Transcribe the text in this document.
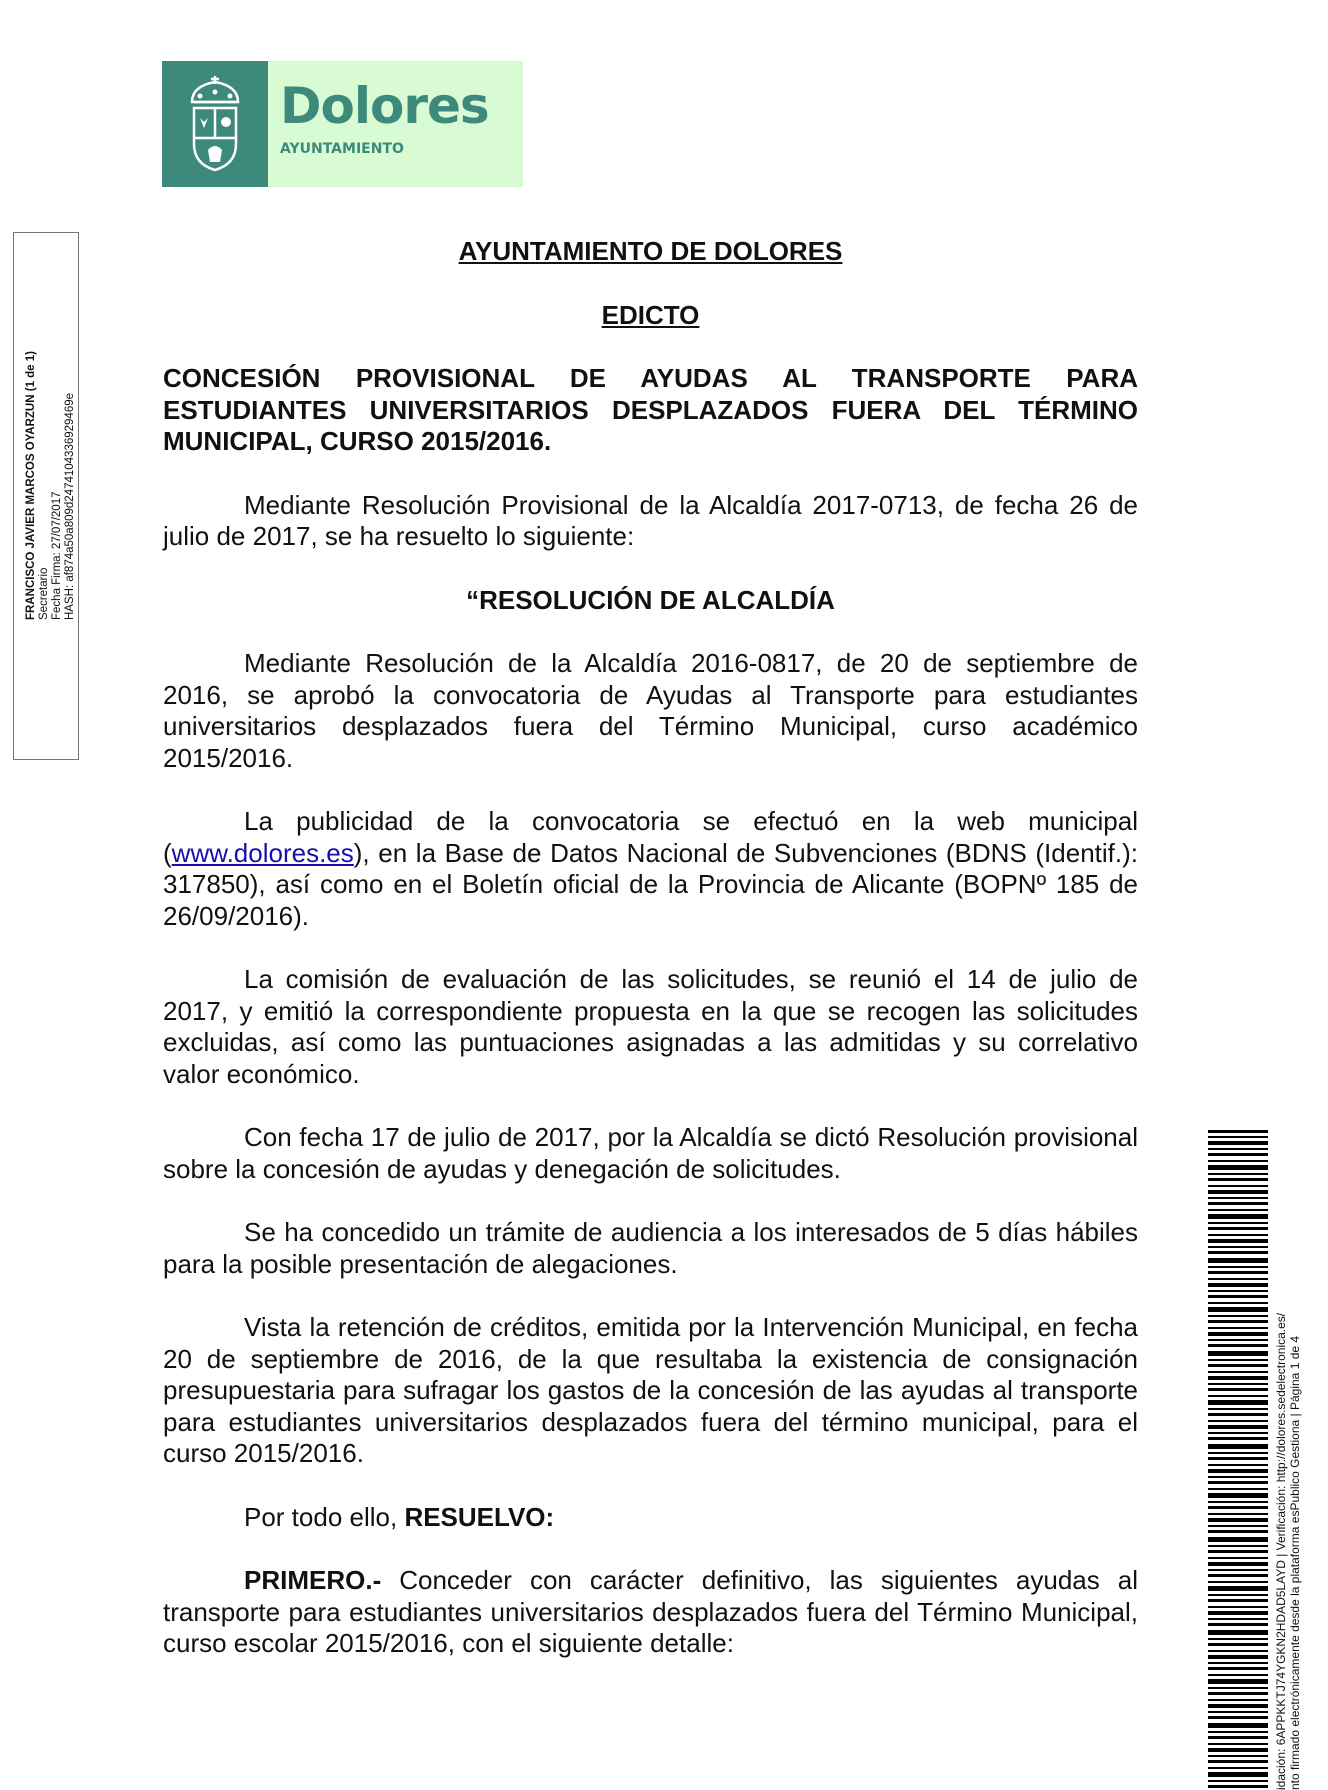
Dolores
AYUNTAMIENTO
FRANCISCO JAVIER MARCOS OYARZUN (1 de 1) Secretario Fecha Firma: 27/07/2017 HASH: af874a50a809d247410433692946​9e
idación: 6APPKKTJ74YGKN2HDAD5LAYD | Verificación: http://dolores.sedelectronica.es/ nto firmado electrónicamente desde la plataforma esPublico Gestiona | Página 1 de 4
AYUNTAMIENTO DE DOLORES
EDICTO
CONCESIÓN PROVISIONAL DE AYUDAS AL TRANSPORTE PARA ESTUDIANTES UNIVERSITARIOS DESPLAZADOS FUERA DEL TÉRMINO MUNICIPAL, CURSO 2015/2016.

Mediante Resolución Provisional de la Alcaldía 2017-0713, de fecha 26 de julio de 2017, se ha resuelto lo siguiente:

“RESOLUCIÓN DE ALCALDÍA

Mediante Resolución de la Alcaldía 2016-0817, de 20 de septiembre de 2016, se aprobó la convocatoria de Ayudas al Transporte para estudiantes universitarios desplazados fuera del Término Municipal, curso académico 2015/2016.

La publicidad de la convocatoria se efectuó en la web municipal (www.dolores.es), en la Base de Datos Nacional de Subvenciones (BDNS (Identif.): 317850), así como en el Boletín oficial de la Provincia de Alicante (BOPNº 185 de 26/09/2016).

La comisión de evaluación de las solicitudes, se reunió el 14 de julio de 2017, y emitió la correspondiente propuesta en la que se recogen las solicitudes excluidas, así como las puntuaciones asignadas a las admitidas y su correlativo valor económico.

Con fecha 17 de julio de 2017, por la Alcaldía se dictó Resolución provisional sobre la concesión de ayudas y denegación de solicitudes.

Se ha concedido un trámite de audiencia a los interesados de 5 días hábiles para la posible presentación de alegaciones.

Vista la retención de créditos, emitida por la Intervención Municipal, en fecha 20 de septiembre de 2016, de la que resultaba la existencia de consignación presupuestaria para sufragar los gastos de la concesión de las ayudas al transporte para estudiantes universitarios desplazados fuera del término municipal, para el curso 2015/2016.

Por todo ello, RESUELVO:

PRIMERO.- Conceder con carácter definitivo, las siguientes ayudas al transporte para estudiantes universitarios desplazados fuera del Término Municipal, curso escolar 2015/2016, con el siguiente detalle:
